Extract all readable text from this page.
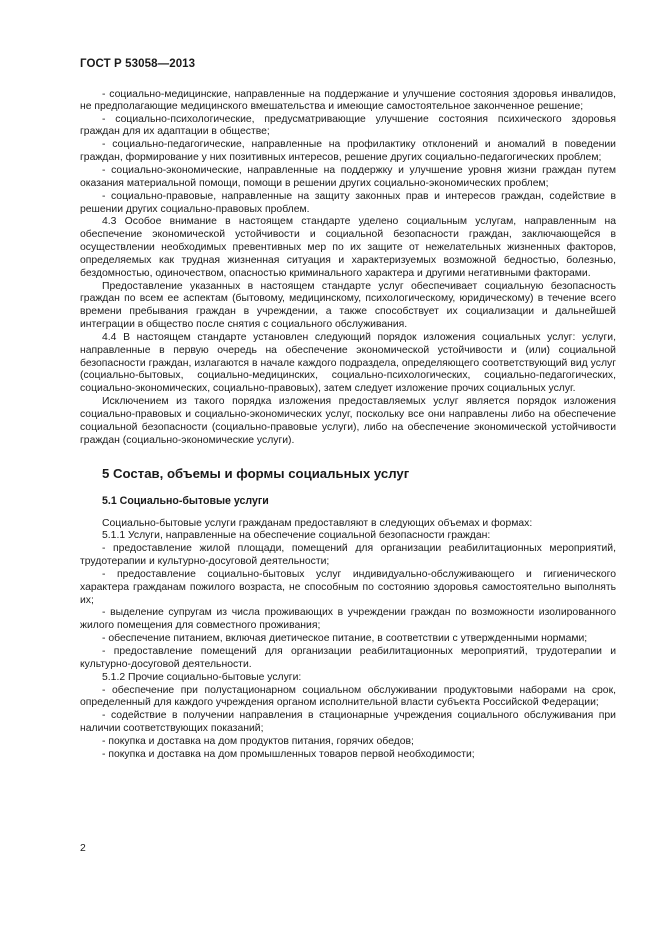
ГОСТ Р 53058—2013

- социально-медицинские, направленные на поддержание и улучшение состояния здоровья инвалидов, не предполагающие медицинского вмешательства и имеющие самостоятельное законченное решение;

- социально-психологические, предусматривающие улучшение состояния психического здоровья граждан для их адаптации в обществе;

- социально-педагогические, направленные на профилактику отклонений и аномалий в поведении граждан, формирование у них позитивных интересов, решение других социально-педагогических проблем;

- социально-экономические, направленные на поддержку и улучшение уровня жизни граждан путем оказания материальной помощи, помощи в решении других социально-экономических проблем;

- социально-правовые, направленные на защиту законных прав и интересов граждан, содействие в решении других социально-правовых проблем.

4.3 Особое внимание в настоящем стандарте уделено социальным услугам, направленным на обеспечение экономической устойчивости и социальной безопасности граждан, заключающейся в осуществлении необходимых превентивных мер по их защите от нежелательных жизненных факторов, определяемых как трудная жизненная ситуация и характеризуемых возможной бедностью, болезнью, бездомностью, одиночеством, опасностью криминального характера и другими негативными факторами.

Предоставление указанных в настоящем стандарте услуг обеспечивает социальную безопасность граждан по всем ее аспектам (бытовому, медицинскому, психологическому, юридическому) в течение всего времени пребывания граждан в учреждении, а также способствует их социализации и дальнейшей интеграции в общество после снятия с социального обслуживания.

4.4 В настоящем стандарте установлен следующий порядок изложения социальных услуг: услуги, направленные в первую очередь на обеспечение экономической устойчивости и (или) социальной безопасности граждан, излагаются в начале каждого подраздела, определяющего соответствующий вид услуг (социально-бытовых, социально-медицинских, социально-психологических, социально-педагогических, социально-экономических, социально-правовых), затем следует изложение прочих социальных услуг.

Исключением из такого порядка изложения предоставляемых услуг является порядок изложения социально-правовых и социально-экономических услуг, поскольку все они направлены либо на обеспечение социальной безопасности (социально-правовые услуги), либо на обеспечение экономической устойчивости граждан (социально-экономические услуги).

5 Состав, объемы и формы социальных услуг
5.1 Социально-бытовые услуги

Социально-бытовые услуги гражданам предоставляют в следующих объемах и формах:

5.1.1 Услуги, направленные на обеспечение социальной безопасности граждан:

- предоставление жилой площади, помещений для организации реабилитационных мероприятий, трудотерапии и культурно-досуговой деятельности;

- предоставление социально-бытовых услуг индивидуально-обслуживающего и гигиенического характера гражданам пожилого возраста, не способным по состоянию здоровья самостоятельно выполнять их;

- выделение супругам из числа проживающих в учреждении граждан по возможности изолированного жилого помещения для совместного проживания;

- обеспечение питанием, включая диетическое питание, в соответствии с утвержденными нормами;

- предоставление помещений для организации реабилитационных мероприятий, трудотерапии и культурно-досуговой деятельности.

5.1.2 Прочие социально-бытовые услуги:

- обеспечение при полустационарном социальном обслуживании продуктовыми наборами на срок, определенный для каждого учреждения органом исполнительной власти субъекта Российской Федерации;

- содействие в получении направления в стационарные учреждения социального обслуживания при наличии соответствующих показаний;

- покупка и доставка на дом продуктов питания, горячих обедов;

- покупка и доставка на дом промышленных товаров первой необходимости;

2
